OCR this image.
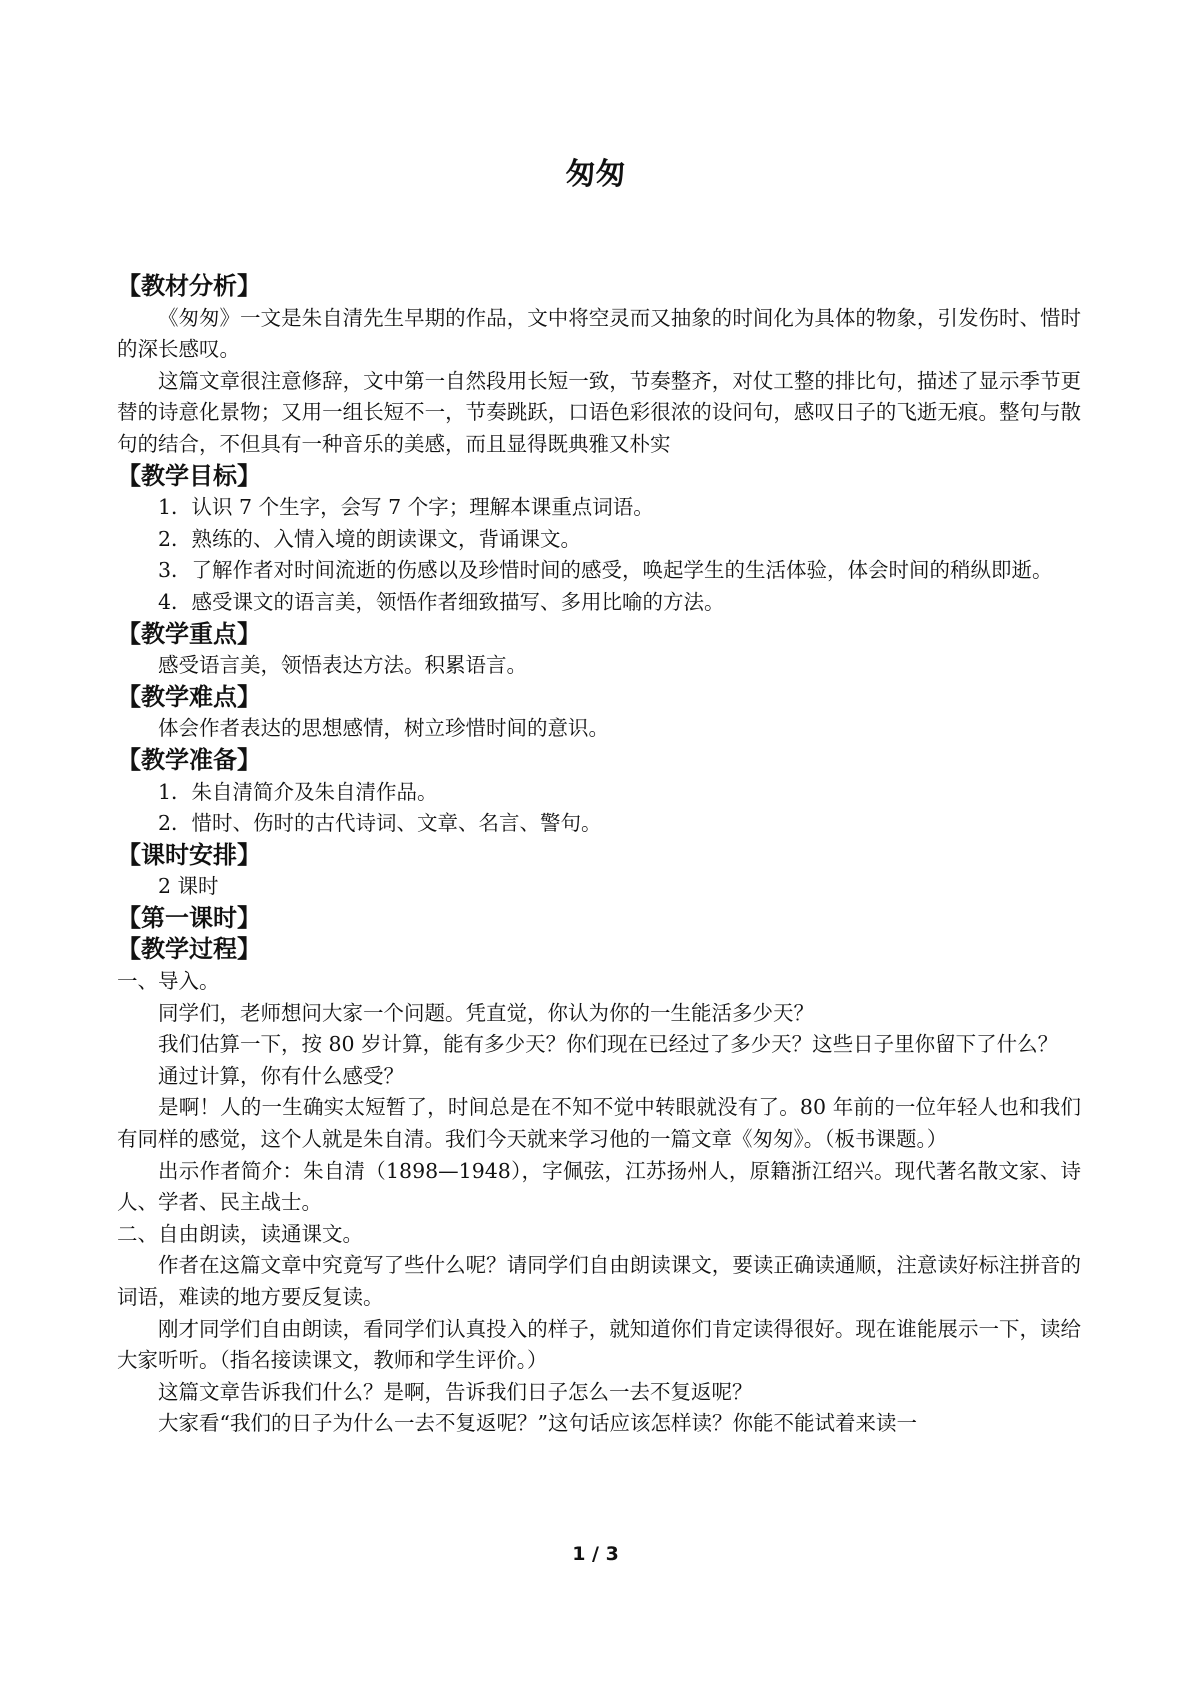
匆匆
【教材分析】

《匆匆》一文是朱自清先生早期的作品，文中将空灵而又抽象的时间化为具体的物象，引发伤时、惜时的深长感叹。

这篇文章很注意修辞，文中第一自然段用长短一致，节奏整齐，对仗工整的排比句，描述了显示季节更替的诗意化景物；又用一组长短不一，节奏跳跃，口语色彩很浓的设问句，感叹日子的飞逝无痕。整句与散句的结合，不但具有一种音乐的美感，而且显得既典雅又朴实

【教学目标】

1．认识 7 个生字，会写 7 个字；理解本课重点词语。

2．熟练的、入情入境的朗读课文，背诵课文。

3．了解作者对时间流逝的伤感以及珍惜时间的感受，唤起学生的生活体验，体会时间的稍纵即逝。

4．感受课文的语言美，领悟作者细致描写、多用比喻的方法。

【教学重点】

感受语言美，领悟表达方法。积累语言。

【教学难点】

体会作者表达的思想感情，树立珍惜时间的意识。

【教学准备】

1．朱自清简介及朱自清作品。

2．惜时、伤时的古代诗词、文章、名言、警句。

【课时安排】

2 课时

【第一课时】
【教学过程】

一、导入。

同学们，老师想问大家一个问题。凭直觉，你认为你的一生能活多少天？

我们估算一下，按 80 岁计算，能有多少天？你们现在已经过了多少天？这些日子里你留下了什么？

通过计算，你有什么感受？

是啊！人的一生确实太短暂了，时间总是在不知不觉中转眼就没有了。80 年前的一位年轻人也和我们有同样的感觉，这个人就是朱自清。我们今天就来学习他的一篇文章《匆匆》。（板书课题。）

出示作者简介：朱自清（1898—1948），字佩弦，江苏扬州人，原籍浙江绍兴。现代著名散文家、诗人、学者、民主战士。

二、自由朗读，读通课文。

作者在这篇文章中究竟写了些什么呢？请同学们自由朗读课文，要读正确读通顺，注意读好标注拼音的词语，难读的地方要反复读。

刚才同学们自由朗读，看同学们认真投入的样子，就知道你们肯定读得很好。现在谁能展示一下，读给大家听听。（指名接读课文，教师和学生评价。）

这篇文章告诉我们什么？是啊，告诉我们日子怎么一去不复返呢？

大家看“我们的日子为什么一去不复返呢？”这句话应该怎样读？你能不能试着来读一

1 / 3
